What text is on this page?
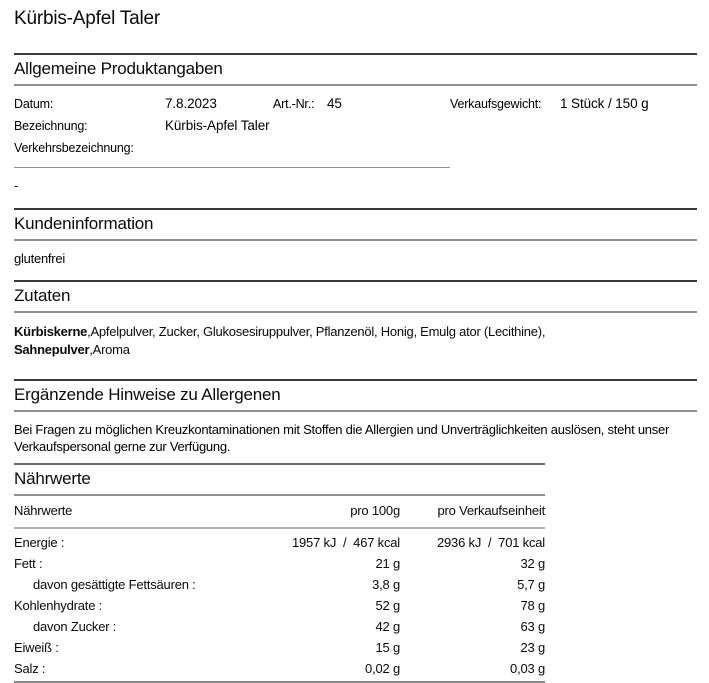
Kürbis-Apfel Taler
Allgemeine Produktangaben
Datum:	7.8.2023	Art.-Nr.: 45	Verkaufsgewicht:	1 Stück / 150 g
Bezeichnung:	Kürbis-Apfel Taler
Verkehrsbezeichnung:
-
Kundeninformation
glutenfrei
Zutaten
Kürbiskerne,Apfelpulver, Zucker, Glukosesiruppulver, Pflanzenöl, Honig, Emulg ator (Lecithine),
Sahnepulver,Aroma
Ergänzende Hinweise zu Allergenen
Bei Fragen zu möglichen Kreuzkontaminationen mit Stoffen die Allergien und Unverträglichkeiten auslösen, steht unser Verkaufspersonal gerne zur Verfügung.
Nährwerte
Nährwerte	pro 100g	pro Verkaufseinheit
Energie :	1957 kJ  /  467 kcal	2936 kJ  /  701 kcal
Fett :	21 g	32 g
davon gesättigte Fettsäuren :	3,8 g	5,7 g
Kohlenhydrate :	52 g	78 g
davon Zucker :	42 g	63 g
Eiweiß :	15 g	23 g
Salz :	0,02 g	0,03 g
